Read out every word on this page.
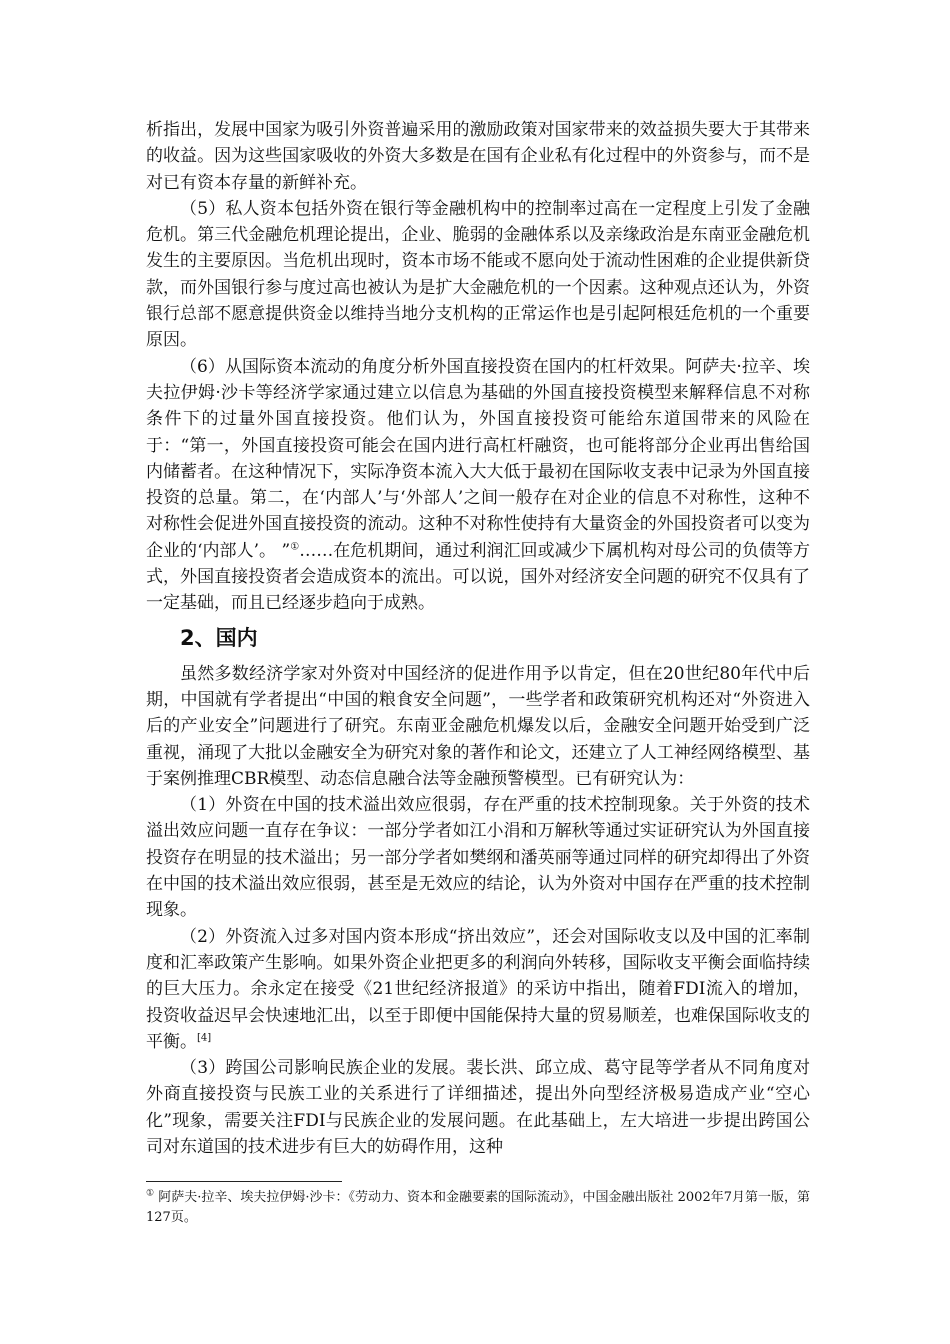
析指出，发展中国家为吸引外资普遍采用的激励政策对国家带来的效益损失要大于其带来的收益。因为这些国家吸收的外资大多数是在国有企业私有化过程中的外资参与，而不是对已有资本存量的新鲜补充。

（5）私人资本包括外资在银行等金融机构中的控制率过高在一定程度上引发了金融危机。第三代金融危机理论提出，企业、脆弱的金融体系以及亲缘政治是东南亚金融危机发生的主要原因。当危机出现时，资本市场不能或不愿向处于流动性困难的企业提供新贷款，而外国银行参与度过高也被认为是扩大金融危机的一个因素。这种观点还认为，外资银行总部不愿意提供资金以维持当地分支机构的正常运作也是引起阿根廷危机的一个重要原因。

（6）从国际资本流动的角度分析外国直接投资在国内的杠杆效果。阿萨夫·拉辛、埃夫拉伊姆·沙卡等经济学家通过建立以信息为基础的外国直接投资模型来解释信息不对称条件下的过量外国直接投资。他们认为，外国直接投资可能给东道国带来的风险在于：“第一，外国直接投资可能会在国内进行高杠杆融资，也可能将部分企业再出售给国内储蓄者。在这种情况下，实际净资本流入大大低于最初在国际收支表中记录为外国直接投资的总量。第二，在‘内部人’与‘外部人’之间一般存在对企业的信息不对称性，这种不对称性会促进外国直接投资的流动。这种不对称性使持有大量资金的外国投资者可以变为企业的‘内部人’。 ”①……在危机期间，通过利润汇回或减少下属机构对母公司的负债等方式，外国直接投资者会造成资本的流出。可以说，国外对经济安全问题的研究不仅具有了一定基础，而且已经逐步趋向于成熟。

2、国内

虽然多数经济学家对外资对中国经济的促进作用予以肯定，但在20世纪80年代中后期，中国就有学者提出“中国的粮食安全问题”，一些学者和政策研究机构还对“外资进入后的产业安全”问题进行了研究。东南亚金融危机爆发以后，金融安全问题开始受到广泛重视，涌现了大批以金融安全为研究对象的著作和论文，还建立了人工神经网络模型、基于案例推理CBR模型、动态信息融合法等金融预警模型。已有研究认为：

（1）外资在中国的技术溢出效应很弱，存在严重的技术控制现象。关于外资的技术溢出效应问题一直存在争议：一部分学者如江小涓和万解秋等通过实证研究认为外国直接投资存在明显的技术溢出；另一部分学者如樊纲和潘英丽等通过同样的研究却得出了外资在中国的技术溢出效应很弱，甚至是无效应的结论，认为外资对中国存在严重的技术控制现象。

（2）外资流入过多对国内资本形成“挤出效应”，还会对国际收支以及中国的汇率制度和汇率政策产生影响。如果外资企业把更多的利润向外转移，国际收支平衡会面临持续的巨大压力。余永定在接受《21世纪经济报道》的采访中指出，随着FDI流入的增加，投资收益迟早会快速地汇出，以至于即便中国能保持大量的贸易顺差，也难保国际收支的平衡。[4]

（3）跨国公司影响民族企业的发展。裴长洪、邱立成、葛守昆等学者从不同角度对外商直接投资与民族工业的关系进行了详细描述，提出外向型经济极易造成产业“空心化”现象，需要关注FDI与民族企业的发展问题。在此基础上，左大培进一步提出跨国公司对东道国的技术进步有巨大的妨碍作用，这种

① 阿萨夫·拉辛、埃夫拉伊姆·沙卡：《劳动力、资本和金融要素的国际流动》，中国金融出版社 2002年7月第一版，第127页。
